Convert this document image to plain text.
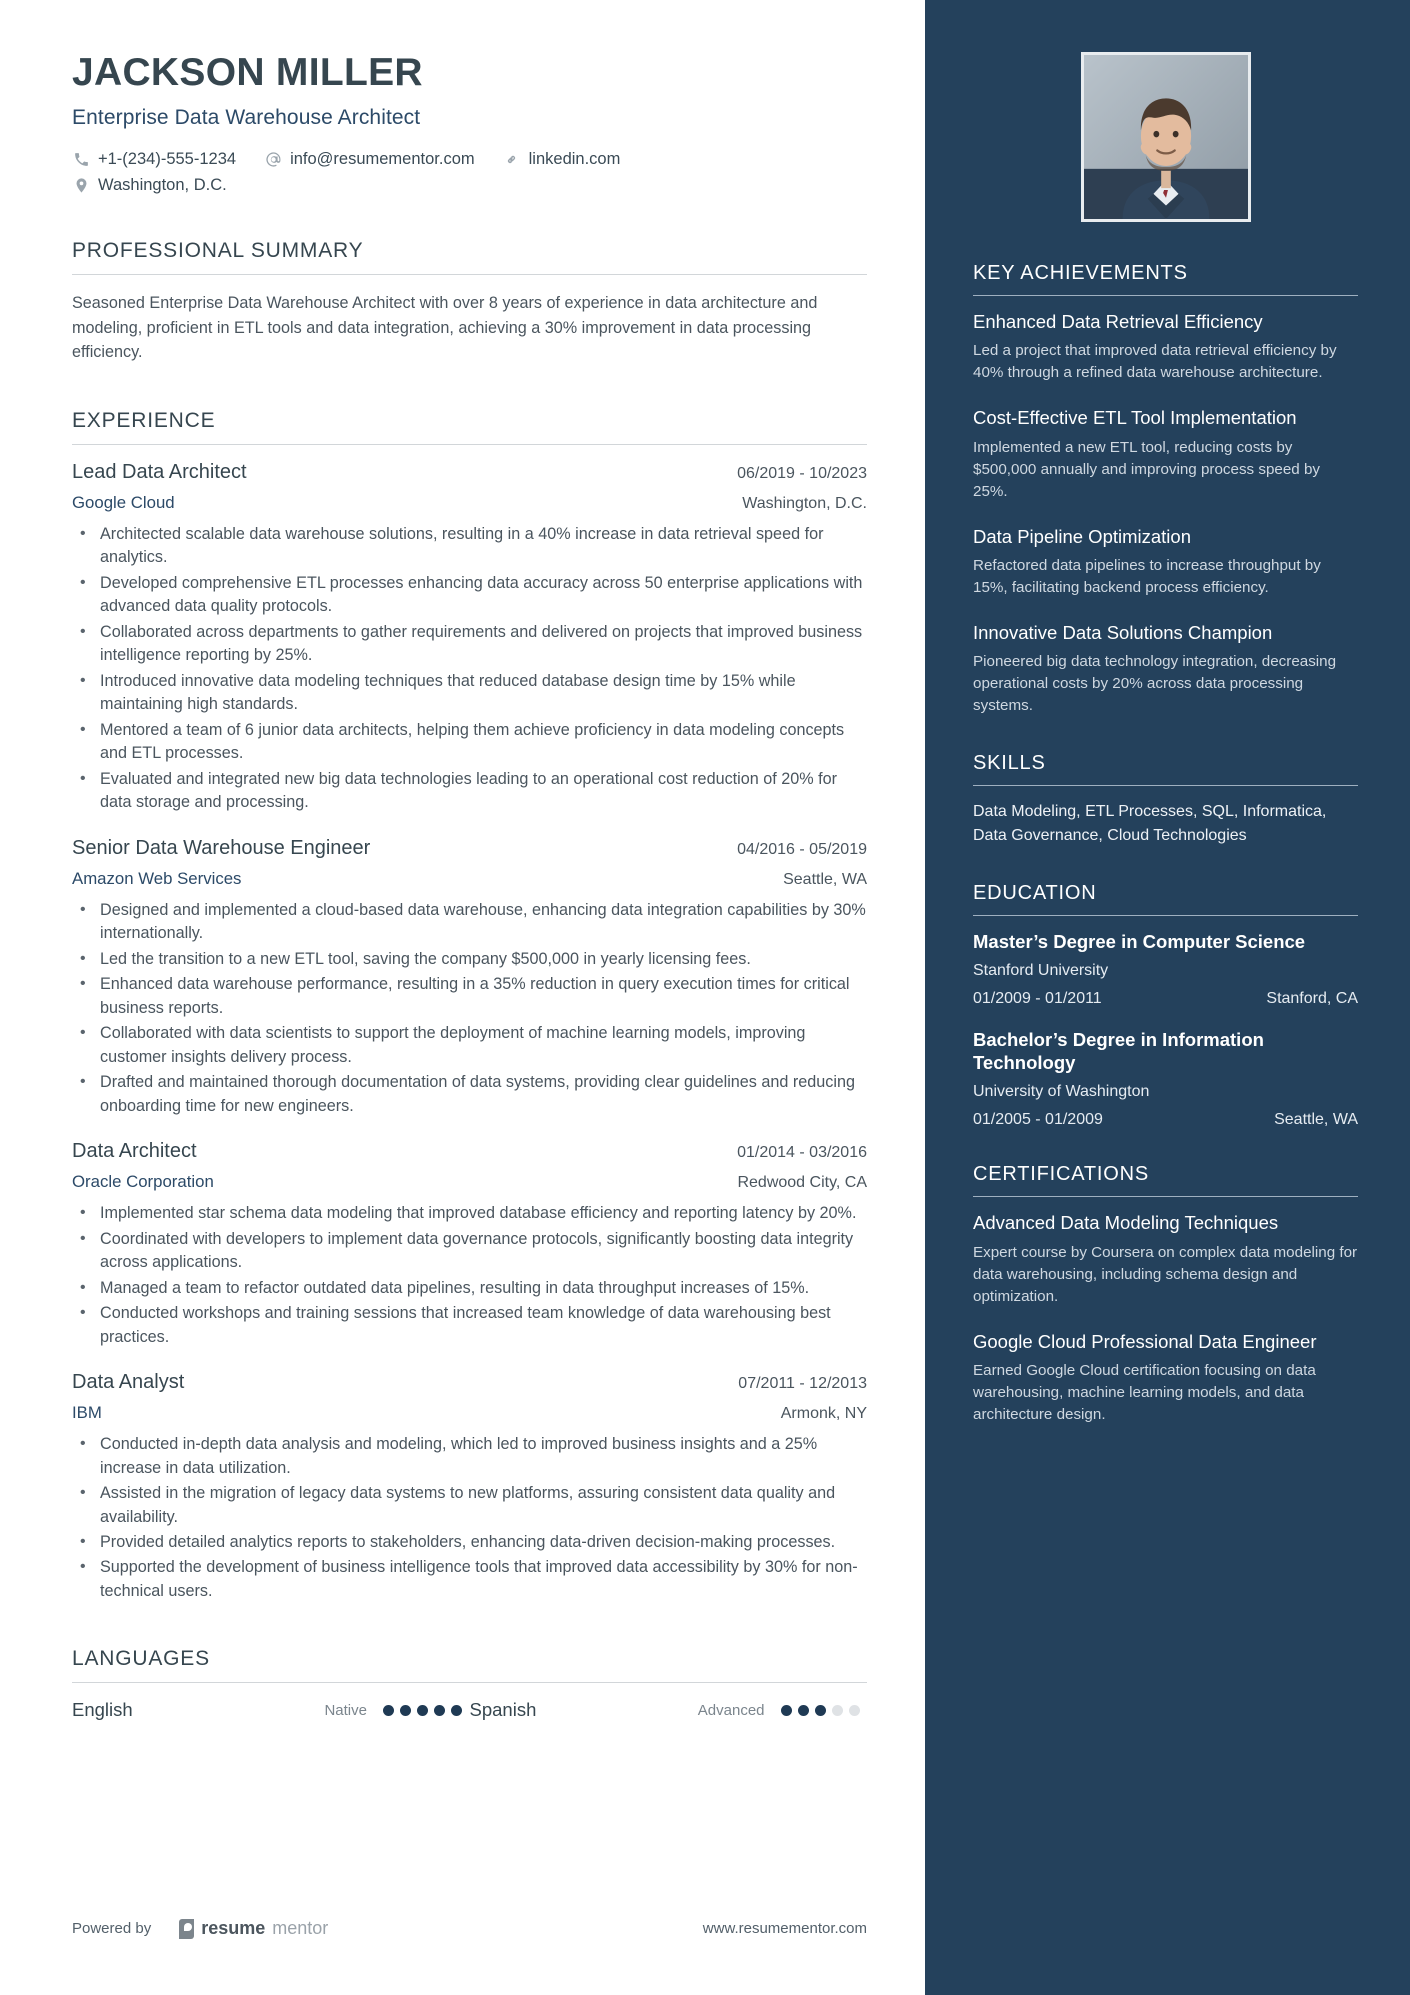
JACKSON MILLER
Enterprise Data Warehouse Architect
+1-(234)-555-1234	info@resumementor.com	linkedin.com
Washington, D.C.
PROFESSIONAL SUMMARY
Seasoned Enterprise Data Warehouse Architect with over 8 years of experience in data architecture and modeling, proficient in ETL tools and data integration, achieving a 30% improvement in data processing efficiency.
EXPERIENCE
Lead Data Architect	06/2019 - 10/2023
Google Cloud	Washington, D.C.
• Architected scalable data warehouse solutions, resulting in a 40% increase in data retrieval speed for analytics.
• Developed comprehensive ETL processes enhancing data accuracy across 50 enterprise applications with advanced data quality protocols.
• Collaborated across departments to gather requirements and delivered on projects that improved business intelligence reporting by 25%.
• Introduced innovative data modeling techniques that reduced database design time by 15% while maintaining high standards.
• Mentored a team of 6 junior data architects, helping them achieve proficiency in data modeling concepts and ETL processes.
• Evaluated and integrated new big data technologies leading to an operational cost reduction of 20% for data storage and processing.
Senior Data Warehouse Engineer	04/2016 - 05/2019
Amazon Web Services	Seattle, WA
• Designed and implemented a cloud-based data warehouse, enhancing data integration capabilities by 30% internationally.
• Led the transition to a new ETL tool, saving the company $500,000 in yearly licensing fees.
• Enhanced data warehouse performance, resulting in a 35% reduction in query execution times for critical business reports.
• Collaborated with data scientists to support the deployment of machine learning models, improving customer insights delivery process.
• Drafted and maintained thorough documentation of data systems, providing clear guidelines and reducing onboarding time for new engineers.
Data Architect	01/2014 - 03/2016
Oracle Corporation	Redwood City, CA
• Implemented star schema data modeling that improved database efficiency and reporting latency by 20%.
• Coordinated with developers to implement data governance protocols, significantly boosting data integrity across applications.
• Managed a team to refactor outdated data pipelines, resulting in data throughput increases of 15%.
• Conducted workshops and training sessions that increased team knowledge of data warehousing best practices.
Data Analyst	07/2011 - 12/2013
IBM	Armonk, NY
• Conducted in-depth data analysis and modeling, which led to improved business insights and a 25% increase in data utilization.
• Assisted in the migration of legacy data systems to new platforms, assuring consistent data quality and availability.
• Provided detailed analytics reports to stakeholders, enhancing data-driven decision-making processes.
• Supported the development of business intelligence tools that improved data accessibility by 30% for non-technical users.
LANGUAGES
English	Native	Spanish	Advanced
Powered by	resume mentor	www.resumementor.com
KEY ACHIEVEMENTS
Enhanced Data Retrieval Efficiency
Led a project that improved data retrieval efficiency by 40% through a refined data warehouse architecture.
Cost-Effective ETL Tool Implementation
Implemented a new ETL tool, reducing costs by $500,000 annually and improving process speed by 25%.
Data Pipeline Optimization
Refactored data pipelines to increase throughput by 15%, facilitating backend process efficiency.
Innovative Data Solutions Champion
Pioneered big data technology integration, decreasing operational costs by 20% across data processing systems.
SKILLS
Data Modeling, ETL Processes, SQL, Informatica, Data Governance, Cloud Technologies
EDUCATION
Master’s Degree in Computer Science
Stanford University
01/2009 - 01/2011	Stanford, CA
Bachelor’s Degree in Information Technology
University of Washington
01/2005 - 01/2009	Seattle, WA
CERTIFICATIONS
Advanced Data Modeling Techniques
Expert course by Coursera on complex data modeling for data warehousing, including schema design and optimization.
Google Cloud Professional Data Engineer
Earned Google Cloud certification focusing on data warehousing, machine learning models, and data architecture design.
